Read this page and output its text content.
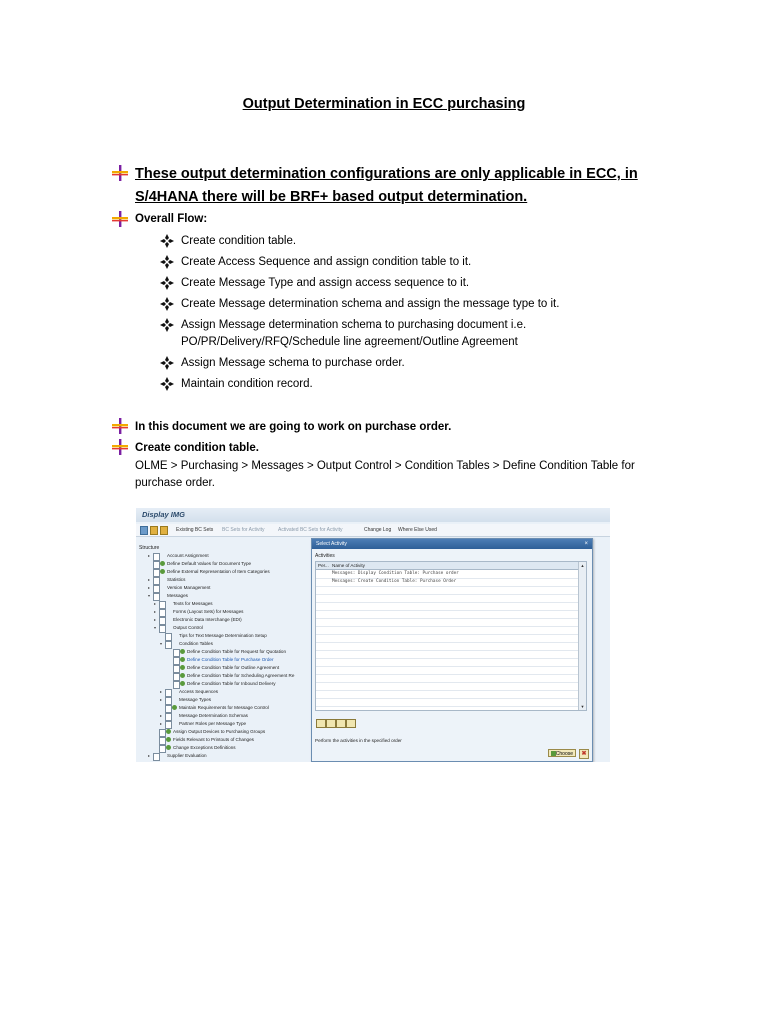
Output Determination in ECC purchasing
These output determination configurations are only applicable in ECC, in S/4HANA there will be BRF+ based output determination.
Overall Flow:
Create condition table.
Create Access Sequence and assign condition table to it.
Create Message Type and assign access sequence to it.
Create Message determination schema and assign the message type to it.
Assign Message determination schema to purchasing document i.e.
PO/PR/Delivery/RFQ/Schedule line agreement/Outline Agreement
Assign Message schema to purchase order.
Maintain condition record.
In this document we are going to work on purchase order.
Create condition table.
OLME > Purchasing > Messages > Output Control > Condition Tables > Define Condition Table for purchase order.
Display IMG
Existing BC Sets BC Sets for Activity	Activated BC Sets for Activity	Change Log Where Else Used
Structure
▸	Account Assignment
Define Default Values for Document Type
Define External Representation of Item Categories
▸	Statistics
▸	Version Management
▾	Messages
▸	Texts for Messages
▸	Forms (Layout Sets) for Messages
▸	Electronic Data Interchange (EDI)
▾	Output Control
Tips for Text Message Determination Setup
▾	Condition Tables
Define Condition Table for Request for Quotation
Define Condition Table for Purchase Order
Define Condition Table for Outline Agreement
Define Condition Table for Scheduling Agreement Re
Define Condition Table for Inbound Delivery
▸	Access Sequences
▸	Message Types
Maintain Requirements for Message Control
▸	Message Determination Schemas
▸	Partner Roles per Message Type
Assign Output Devices to Purchasing Groups
Fields Relevant to Printouts of Changes
Change Exceptions Definitions
▸	Supplier Evaluation
Select Activity	×
Activities
Per... Name of Activity
Messages: Display Condition Table: Purchase order
Messages: Create Condition Table: Purchase Order
▲
▼
Perform the activities in the specified order
Choose	✖
